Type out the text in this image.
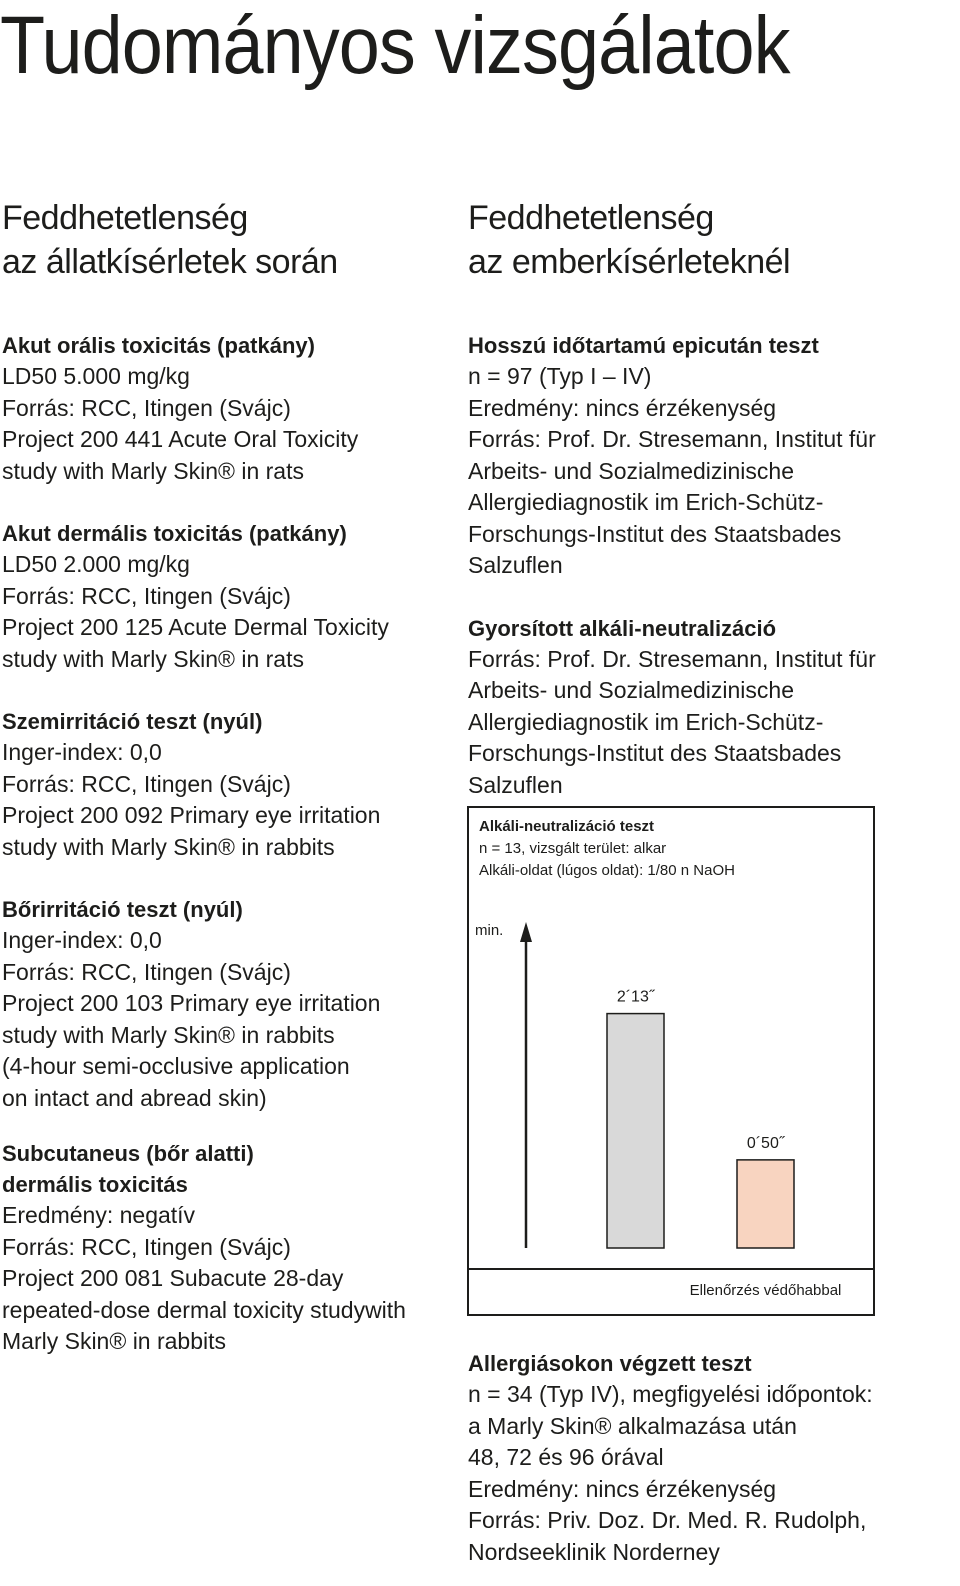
Tudományos vizsgálatok
Feddhetetlenség
az állatkísérletek során
Akut orális toxicitás (patkány)
LD50 5.000 mg/kg
Forrás: RCC, Itingen (Svájc)
Project 200 441 Acute Oral Toxicity
study with Marly Skin® in rats
Akut dermális toxicitás (patkány)
LD50 2.000 mg/kg
Forrás: RCC, Itingen (Svájc)
Project 200 125 Acute Dermal Toxicity
study with Marly Skin® in rats
Szemirritáció teszt (nyúl)
Inger-index: 0,0
Forrás: RCC, Itingen (Svájc)
Project 200 092 Primary eye irritation
study with Marly Skin® in rabbits
Bőrirritáció teszt (nyúl)
Inger-index: 0,0
Forrás: RCC, Itingen (Svájc)
Project 200 103 Primary eye irritation
study with Marly Skin® in rabbits
(4-hour semi-occlusive application
on intact and abread skin)
Subcutaneus (bőr alatti)
dermális toxicitás
Eredmény: negatív
Forrás: RCC, Itingen (Svájc)
Project 200 081 Subacute 28-day
repeated-dose dermal toxicity studywith
Marly Skin® in rabbits
Feddhetetlenség
az emberkísérleteknél
Hosszú időtartamú epicután teszt
n = 97 (Typ I – IV)
Eredmény: nincs érzékenység
Forrás: Prof. Dr. Stresemann, Institut für
Arbeits- und Sozialmedizinische
Allergiediagnostik im Erich-Schütz-
Forschungs-Institut des Staatsbades
Salzuflen
Gyorsított alkáli-neutralizáció
Forrás: Prof. Dr. Stresemann, Institut für
Arbeits- und Sozialmedizinische
Allergiediagnostik im Erich-Schütz-
Forschungs-Institut des Staatsbades
Salzuflen
Alkáli-neutralizáció teszt
n = 13, vizsgált terület: alkar
Alkáli-oldat (lúgos oldat): 1/80 n NaOH
min.
2´13˝
0´50˝
Ellenőrzés védőhabbal
Allergiásokon végzett teszt
n = 34 (Typ IV), megfigyelési időpontok:
a Marly Skin® alkalmazása után
48, 72 és 96 órával
Eredmény: nincs érzékenység
Forrás: Priv. Doz. Dr. Med. R. Rudolph,
Nordseeklinik Norderney
